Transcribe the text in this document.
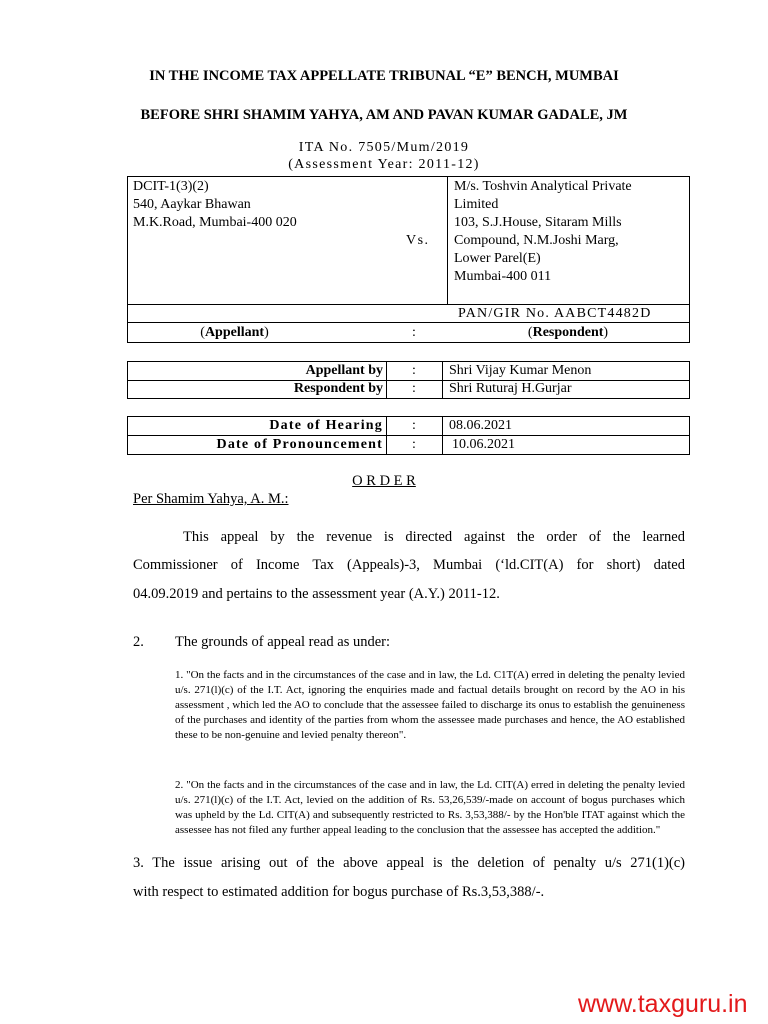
IN THE INCOME TAX APPELLATE TRIBUNAL “E” BENCH, MUMBAI
BEFORE SHRI SHAMIM YAHYA, AM AND PAVAN KUMAR GADALE, JM
ITA No. 7505/Mum/2019
(Assessment Year: 2011-12)
DCIT-1(3)(2)
540, Aaykar Bhawan
M.K.Road, Mumbai-400 020
Vs.
M/s. Toshvin Analytical Private
Limited
103, S.J.House, Sitaram Mills
Compound, N.M.Joshi Marg,
Lower Parel(E)
Mumbai-400 011
PAN/GIR No. AABCT4482D
(Appellant)	:	(Respondent)
Appellant by : Shri Vijay Kumar Menon
Respondent by : Shri Ruturaj H.Gurjar
Date of Hearing : 08.06.2021
Date of Pronouncement :	10.06.2021
O R D E R
Per Shamim Yahya, A. M.:
This appeal by the revenue is directed against the order of the learned
Commissioner of Income Tax (Appeals)-3, Mumbai (‘ld.CIT(A) for short) dated
04.09.2019 and pertains to the assessment year (A.Y.) 2011-12.
2. The grounds of appeal read as under:
1. "On the facts and in the circumstances of the case and in law, the Ld. C1T(A) erred in deleting the penalty levied u/s. 271(l)(c) of the I.T. Act, ignoring the enquiries made and factual details brought on record by the AO in his assessment , which led the AO to conclude that the assessee failed to discharge its onus to establish the genuineness of the purchases and identity of the parties from whom the assessee made purchases and hence, the AO established these to be non-genuine and levied penalty thereon".
2. "On the facts and in the circumstances of the case and in law, the Ld. CIT(A) erred in deleting the penalty levied u/s. 271(l)(c) of the I.T. Act, levied on the addition of Rs. 53,26,539/-made on account of bogus purchases which was upheld by the Ld. CIT(A) and subsequently restricted to Rs. 3,53,388/- by the Hon'ble ITAT against which the assessee has not filed any further appeal leading to the conclusion that the assessee has accepted the addition."
3. The issue arising out of the above appeal is the deletion of penalty u/s 271(1)(c)
with respect to estimated addition for bogus purchase of Rs.3,53,388/-.
www.taxguru.in
